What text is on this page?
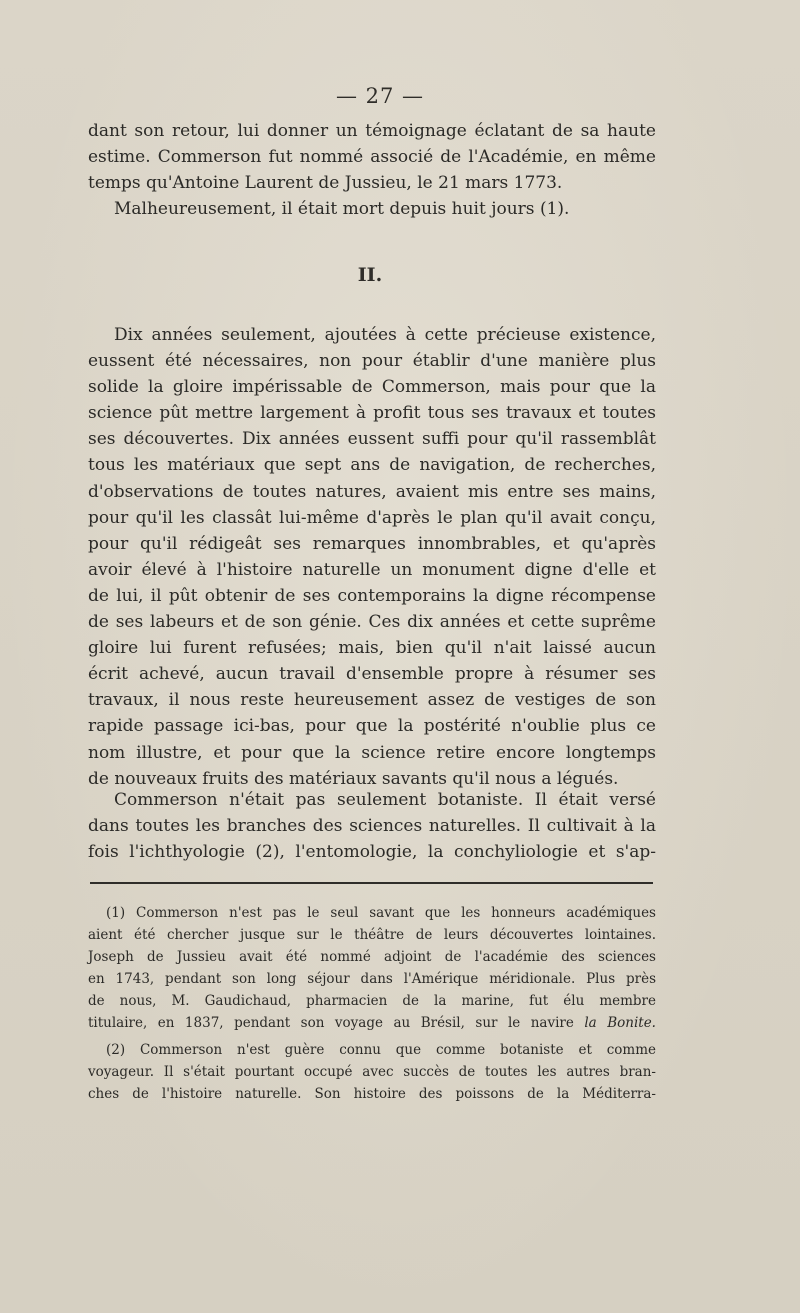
— 27 —

dant son retour, lui donner un témoignage éclatant de sa haute
estime. Commerson fut nommé associé de l'Académie, en même
temps qu'Antoine Laurent de Jussieu, le 21 mars 1773.
Malheureusement, il était mort depuis huit jours (1).

II.

Dix années seulement, ajoutées à cette précieuse existence,
eussent été nécessaires, non pour établir d'une manière plus
solide la gloire impérissable de Commerson, mais pour que la
science pût mettre largement à profit tous ses travaux et toutes
ses découvertes. Dix années eussent suffi pour qu'il rassemblât
tous les matériaux que sept ans de navigation, de recherches,
d'observations de toutes natures, avaient mis entre ses mains,
pour qu'il les classât lui-même d'après le plan qu'il avait conçu,
pour qu'il rédigeât ses remarques innombrables, et qu'après
avoir élevé à l'histoire naturelle un monument digne d'elle et
de lui, il pût obtenir de ses contemporains la digne récompense
de ses labeurs et de son génie. Ces dix années et cette suprême
gloire lui furent refusées; mais, bien qu'il n'ait laissé aucun
écrit achevé, aucun travail d'ensemble propre à résumer ses
travaux, il nous reste heureusement assez de vestiges de son
rapide passage ici-bas, pour que la postérité n'oublie plus ce
nom illustre, et pour que la science retire encore longtemps
de nouveaux fruits des matériaux savants qu'il nous a légués.

Commerson n'était pas seulement botaniste. Il était versé
dans toutes les branches des sciences naturelles. Il cultivait à la
fois l'ichthyologie (2), l'entomologie, la conchyliologie et s'ap-

(1) Commerson n'est pas le seul savant que les honneurs académiques
aient été chercher jusque sur le théâtre de leurs découvertes lointaines.
Joseph de Jussieu avait été nommé adjoint de l'académie des sciences
en 1743, pendant son long séjour dans l'Amérique méridionale. Plus près
de nous, M. Gaudichaud, pharmacien de la marine, fut élu membre
titulaire, en 1837, pendant son voyage au Brésil, sur le navire la Bonite.

(2) Commerson n'est guère connu que comme botaniste et comme
voyageur. Il s'était pourtant occupé avec succès de toutes les autres bran-
ches de l'histoire naturelle. Son histoire des poissons de la Méditerra-
